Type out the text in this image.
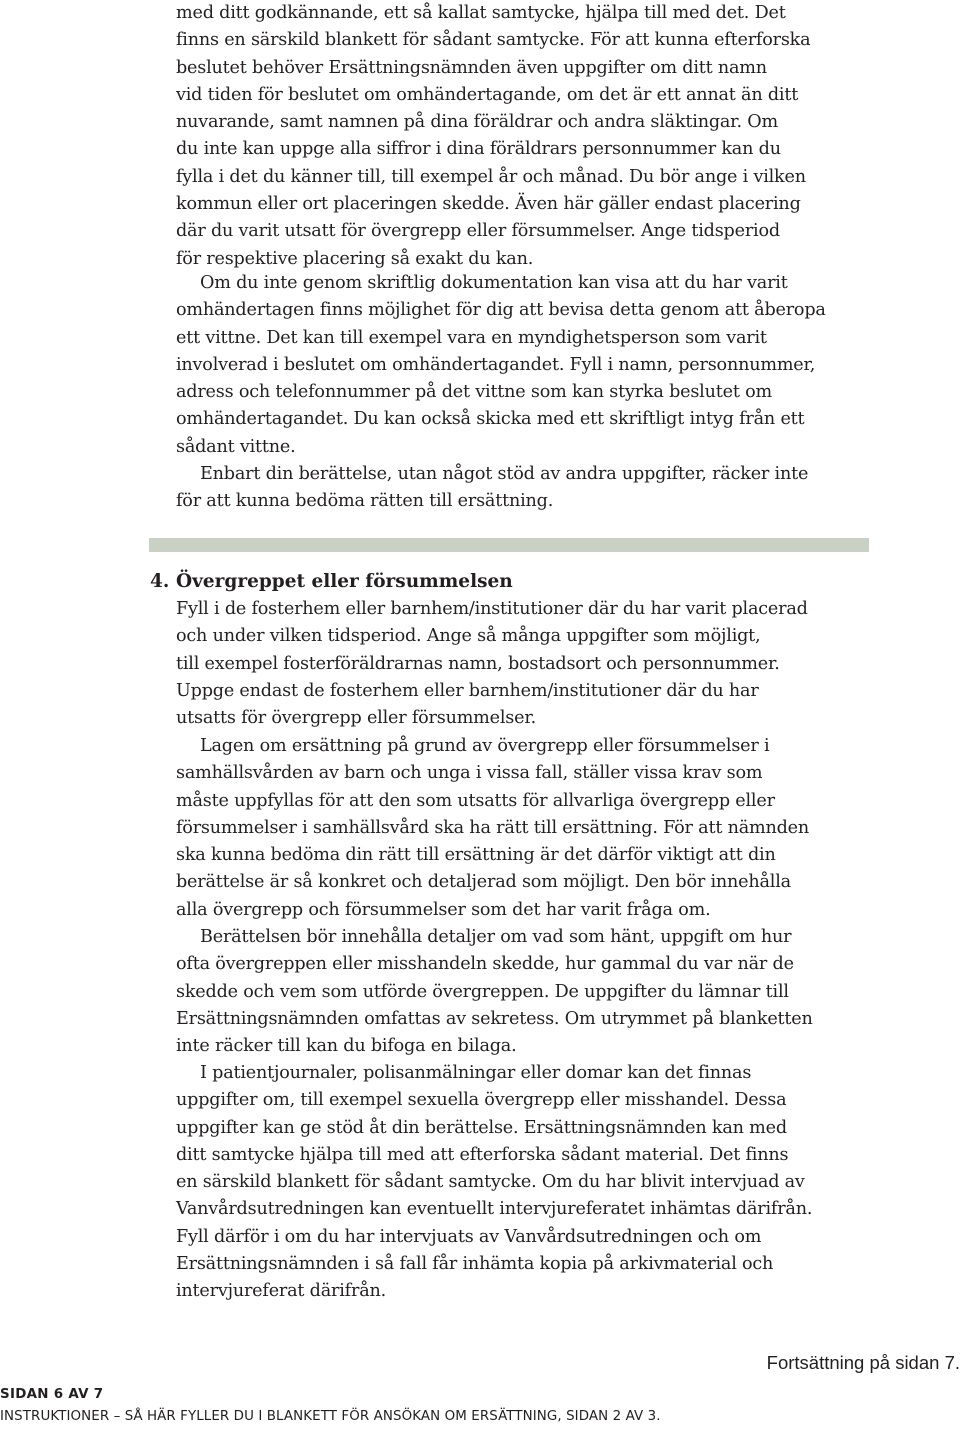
med ditt godkännande, ett så kallat samtycke, hjälpa till med det. Det
finns en särskild blankett för sådant samtycke. För att kunna efterforska
beslutet behöver Ersättningsnämnden även uppgifter om ditt namn
vid tiden för beslutet om omhändertagande, om det är ett annat än ditt
nuvarande, samt namnen på dina föräldrar och andra släktingar. Om
du inte kan uppge alla siffror i dina föräldrars personnummer kan du
fylla i det du känner till, till exempel år och månad. Du bör ange i vilken
kommun eller ort placeringen skedde. Även här gäller endast placering
där du varit utsatt för övergrepp eller försummelser. Ange tidsperiod
för respektive placering så exakt du kan.

Om du inte genom skriftlig dokumentation kan visa att du har varit
omhändertagen finns möjlighet för dig att bevisa detta genom att åberopa
ett vittne. Det kan till exempel vara en myndighetsperson som varit
involverad i beslutet om omhändertagandet. Fyll i namn, personnummer,
adress och telefonnummer på det vittne som kan styrka beslutet om
omhändertagandet. Du kan också skicka med ett skriftligt intyg från ett
sådant vittne.

Enbart din berättelse, utan något stöd av andra uppgifter, räcker inte
för att kunna bedöma rätten till ersättning.

4. Övergreppet eller försummelsen

Fyll i de fosterhem eller barnhem/institutioner där du har varit placerad
och under vilken tidsperiod. Ange så många uppgifter som möjligt,
till exempel fosterföräldrarnas namn, bostadsort och personnummer.
Uppge endast de fosterhem eller barnhem/institutioner där du har
utsatts för övergrepp eller försummelser.

Lagen om ersättning på grund av övergrepp eller försummelser i
samhällsvården av barn och unga i vissa fall, ställer vissa krav som
måste uppfyllas för att den som utsatts för allvarliga övergrepp eller
försummelser i samhällsvård ska ha rätt till ersättning. För att nämnden
ska kunna bedöma din rätt till ersättning är det därför viktigt att din
berättelse är så konkret och detaljerad som möjligt. Den bör innehålla
alla övergrepp och försummelser som det har varit fråga om.

Berättelsen bör innehålla detaljer om vad som hänt, uppgift om hur
ofta övergreppen eller misshandeln skedde, hur gammal du var när de
skedde och vem som utförde övergreppen. De uppgifter du lämnar till
Ersättningsnämnden omfattas av sekretess. Om utrymmet på blanketten
inte räcker till kan du bifoga en bilaga.

I patientjournaler, polisanmälningar eller domar kan det finnas
uppgifter om, till exempel sexuella övergrepp eller misshandel. Dessa
uppgifter kan ge stöd åt din berättelse. Ersättningsnämnden kan med
ditt samtycke hjälpa till med att efterforska sådant material. Det finns
en särskild blankett för sådant samtycke. Om du har blivit intervjuad av
Vanvårdsutredningen kan eventuellt intervjureferatet inhämtas därifrån.
Fyll därför i om du har intervjuats av Vanvårdsutredningen och om
Ersättningsnämnden i så fall får inhämta kopia på arkivmaterial och
intervjureferat därifrån.

Fortsättning på sidan 7.
SIDAN 6 AV 7
INSTRUKTIONER – SÅ HÄR FYLLER DU I BLANKETT FÖR ANSÖKAN OM ERSÄTTNING, SIDAN 2 AV 3.
